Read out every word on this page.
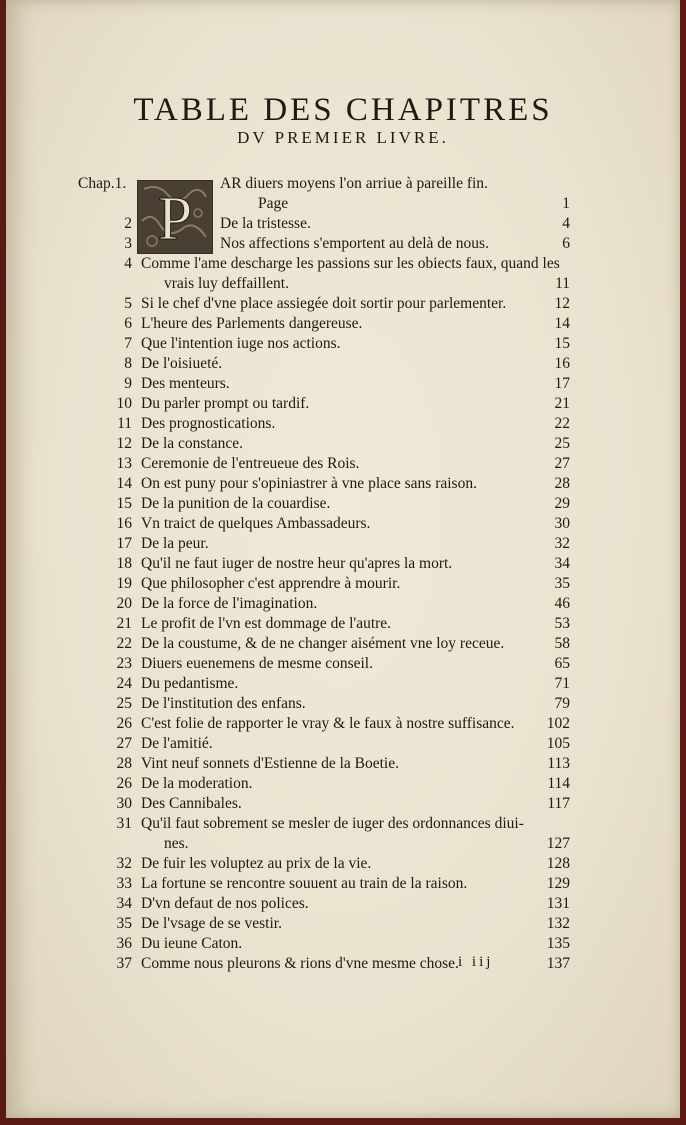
TABLE DES CHAPITRES
DV PREMIER LIVRE.
P
Chap.1.	AR diuers moyens l'on arriue à pareille fin.
Page	1
2	De la tristesse.	4
3	Nos affections s'emportent au delà de nous.	6
4 Comme l'ame descharge les passions sur les obiects faux, quand les
vrais luy deffaillent.	11
5 Si le chef d'vne place assiegée doit sortir pour parlementer.	12
6 L'heure des Parlements dangereuse.	14
7 Que l'intention iuge nos actions.	15
8 De l'oisiueté.	16
9 Des menteurs.	17
10 Du parler prompt ou tardif.	21
11 Des prognostications.	22
12 De la constance.	25
13 Ceremonie de l'entreueue des Rois.	27
14 On est puny pour s'opiniastrer à vne place sans raison.	28
15 De la punition de la couardise.	29
16 Vn traict de quelques Ambassadeurs.	30
17 De la peur.	32
18 Qu'il ne faut iuger de nostre heur qu'apres la mort.	34
19 Que philosopher c'est apprendre à mourir.	35
20 De la force de l'imagination.	46
21 Le profit de l'vn est dommage de l'autre.	53
22 De la coustume, & de ne changer aisément vne loy receue.	58
23 Diuers euenemens de mesme conseil.	65
24 Du pedantisme.	71
25 De l'institution des enfans.	79
26 C'est folie de rapporter le vray & le faux à nostre suffisance. 102
27 De l'amitié.	105
28 Vint neuf sonnets d'Estienne de la Boetie.	113
26 De la moderation.	114
30 Des Cannibales.	117
31 Qu'il faut sobrement se mesler de iuger des ordonnances diui-
nes.	127
32 De fuir les voluptez au prix de la vie.	128
33 La fortune se rencontre souuent au train de la raison.	129
34 D'vn defaut de nos polices.	131
35 De l'vsage de se vestir.	132
36 Du ieune Caton.	135
37 Comme nous pleurons & rions d'vne mesme chose.	137
i iij
